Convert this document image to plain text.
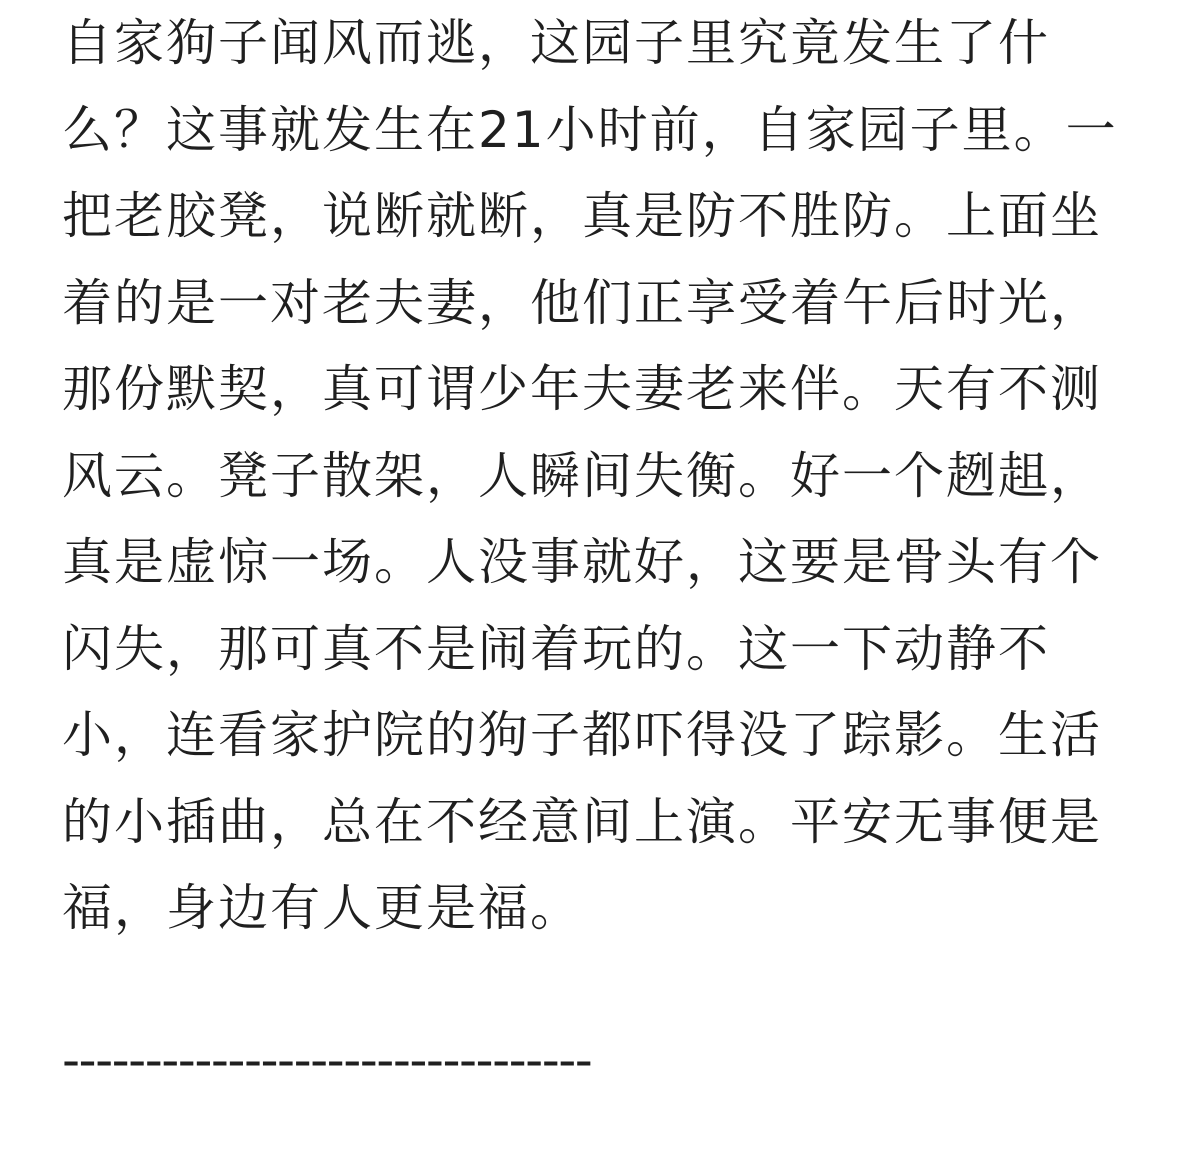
自家狗子闻风而逃，这园子里究竟发生了什
么？这事就发生在21小时前，自家园子里。一
把老胶凳，说断就断，真是防不胜防。上面坐
着的是一对老夫妻，他们正享受着午后时光，
那份默契，真可谓少年夫妻老来伴。天有不测
风云。凳子散架，人瞬间失衡。好一个趔趄，
真是虚惊一场。人没事就好，这要是骨头有个
闪失，那可真不是闹着玩的。这一下动静不
小，连看家护院的狗子都吓得没了踪影。生活
的小插曲，总在不经意间上演。平安无事便是
福，身边有人更是福。
--------------------------------
